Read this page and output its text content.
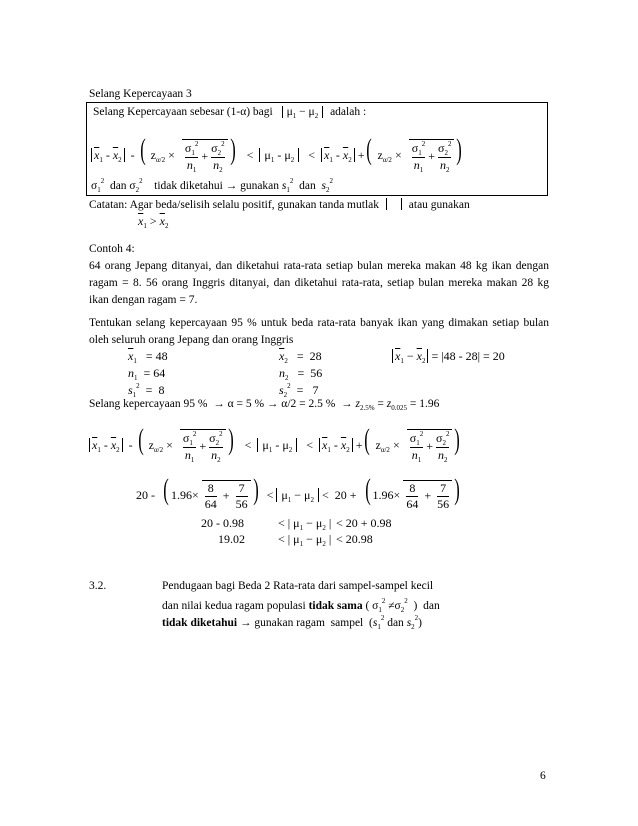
Selang Kepercayaan 3
Selang Kepercayaan sebesar (1-α) bagi $\mu_1 - \mu_2$ adalah :
$\overline{x}_1 - \overline{x}_2$  - ( $z_{\alpha/2}$ ×
$\sigma_1^2$
$n_1$ +
$\sigma_2^2$
$n_2) < \mu_1 - \mu_2 < \overline{x}_1 - \overline{x}_2$ +( $z_{\alpha/2}$ ×
$\sigma_1^2$
$n_1$ +
$\sigma_2^2$
$n_2$)
$\sigma_1^2$  dan $\sigma_2^2$ tidak diketahui → gunakan $s_1^2$  dan  $s_2^2$
Catatan: Agar beda/selisih selalu positif, gunakan tanda mutlak	atau gunakan
$\overline{x}_1 > \overline{x}_2$
Contoh 4:
64 orang Jepang ditanyai, dan diketahui rata-rata setiap bulan mereka makan 48 kg ikan dengan ragam = 8. 56 orang Inggris ditanyai, dan diketahui rata-rata, setiap bulan mereka makan 28 kg ikan dengan ragam = 7.
Tentukan selang kepercayaan 95 % untuk beda rata-rata banyak ikan yang dimakan setiap bulan oleh seluruh orang Jepang dan orang Inggris
$\overline{x}_1 = 48$	$\overline{x}_2 = 28$	$\overline{x}_1 - \overline{x}_2 = |48 - 28| = 20$
$n_1 = 64$	$n_2 = 56$
$s_1^2 = 8$	$s_2^2 = 7$
Selang kepercayaan 95 %  → α = 5 % → α/2 = 2.5 %  → $z_{2.5\%} = z_{0.025} = 1.96$
$\overline{x}_1 - \overline{x}_2$  - ( $z_{\alpha/2}$ ×
$\sigma_1^2$
$n_1$ +
$\sigma_2^2$
$n_2) < \mu_1 - \mu_2 < \overline{x}_1 - \overline{x}_2$ +( $z_{\alpha/2}$ ×
$\sigma_1^2$
$n_1$ +
$\sigma_2^2$
$n_2$)
20 - ( $1.96\times \frac{8}{64} + \frac{7}{56}$ )  < $\mu_1 - \mu_2 < 20$ + ( 1.96× 8
64  +
7
56 )
20 - 0.98	< | $\mu_1 - \mu_2$ | < 20 + 0.98
19.02	< | $\mu_1 - \mu_2$ | < 20.98
3.2.	Pendugaan bagi Beda 2 Rata-rata dari sampel-sampel kecil
dan nilai kedua ragam populasi tidak sama ( $\sigma_1^2 \ne\sigma_2^2$  )  dan
tidak diketahui → gunakan ragam  sampel  ($s_1^2$ dan $s_2^2$)
6
